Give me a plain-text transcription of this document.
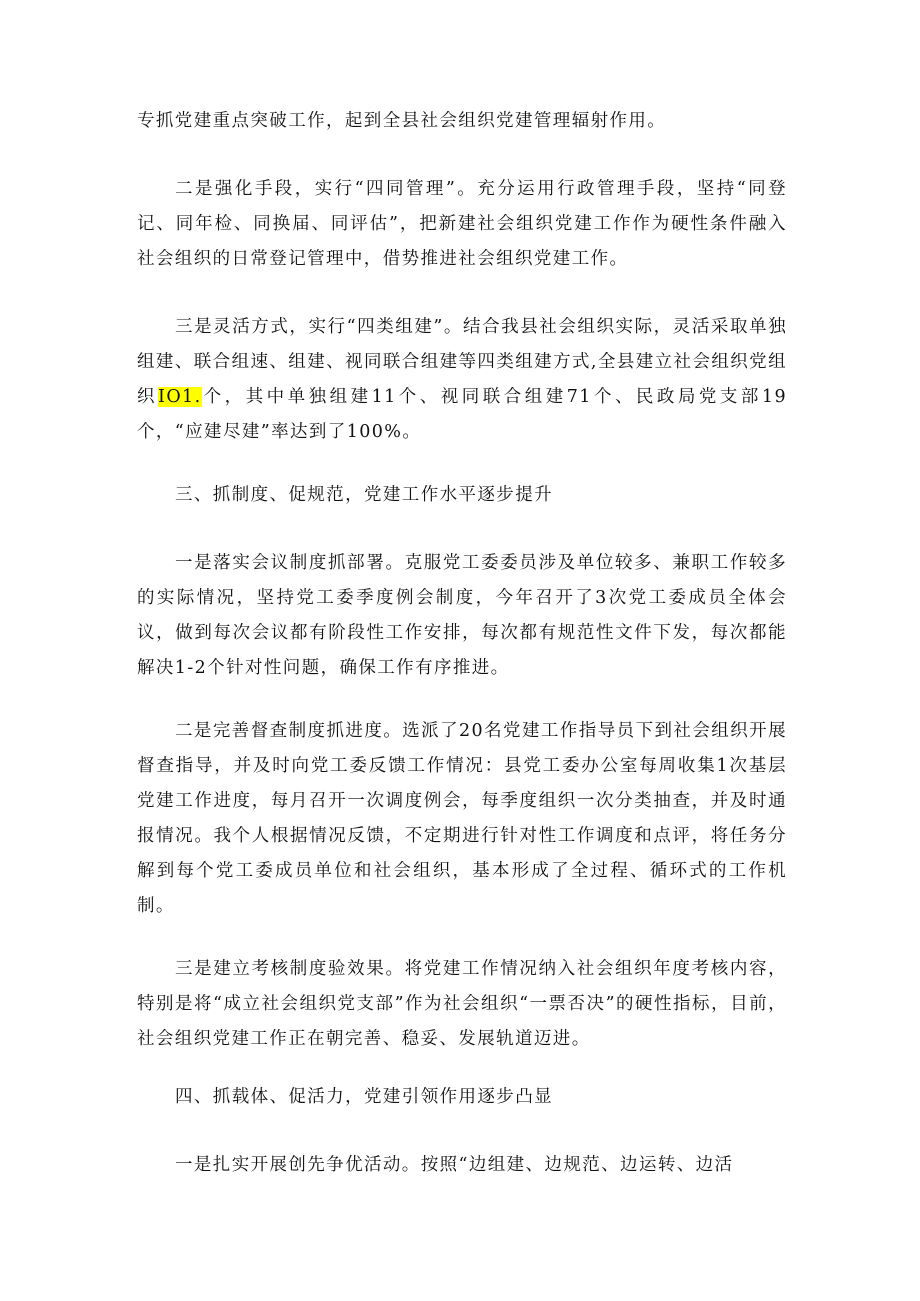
专抓党建重点突破工作，起到全县社会组织党建管理辐射作用。

二是强化手段，实行“四同管理”。充分运用行政管理手段，坚持“同登记、同年检、同换届、同评估”，把新建社会组织党建工作作为硬性条件融入社会组织的日常登记管理中，借势推进社会组织党建工作。

三是灵活方式，实行“四类组建”。结合我县社会组织实际，灵活采取单独组建、联合组速、组建、视同联合组建等四类组建方式,全县建立社会组织党组织IO1.个，其中单独组建11个、视同联合组建71个、民政局党支部19个，“应建尽建”率达到了100%。

三、抓制度、促规范，党建工作水平逐步提升

一是落实会议制度抓部署。克服党工委委员涉及单位较多、兼职工作较多的实际情况，坚持党工委季度例会制度，今年召开了3次党工委成员全体会议，做到每次会议都有阶段性工作安排，每次都有规范性文件下发，每次都能解决1-2个针对性问题，确保工作有序推进。

二是完善督查制度抓进度。选派了20名党建工作指导员下到社会组织开展督查指导，并及时向党工委反馈工作情况：县党工委办公室每周收集1次基层党建工作进度，每月召开一次调度例会，每季度组织一次分类抽查，并及时通报情况。我个人根据情况反馈，不定期进行针对性工作调度和点评，将任务分解到每个党工委成员单位和社会组织，基本形成了全过程、循环式的工作机制。

三是建立考核制度验效果。将党建工作情况纳入社会组织年度考核内容，特别是将“成立社会组织党支部”作为社会组织“一票否决”的硬性指标，目前，社会组织党建工作正在朝完善、稳妥、发展轨道迈进。

四、抓载体、促活力，党建引领作用逐步凸显

一是扎实开展创先争优活动。按照“边组建、边规范、边运转、边活
